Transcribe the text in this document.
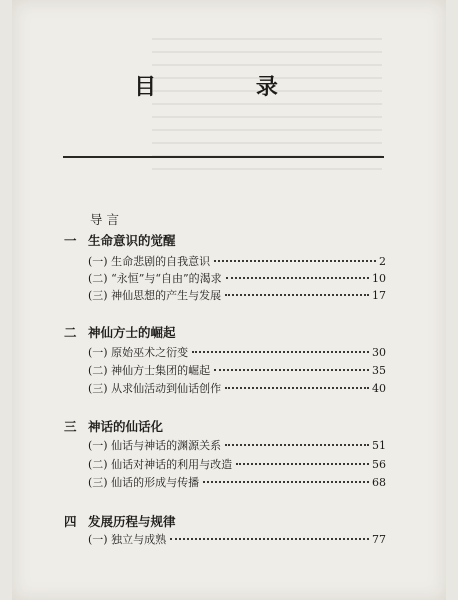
目 录
导 言
一 生命意识的觉醒
(一) 生命悲剧的自我意识	2
(二) “永恒”与“自由”的渴求	10
(三) 神仙思想的产生与发展	17
二 神仙方士的崛起
(一) 原始巫术之衍变	30
(二) 神仙方士集团的崛起	35
(三) 从求仙活动到仙话创作	40
三 神话的仙话化
(一) 仙话与神话的渊源关系	51
(二) 仙话对神话的利用与改造	56
(三) 仙话的形成与传播	68
四 发展历程与规律
(一) 独立与成熟	77
